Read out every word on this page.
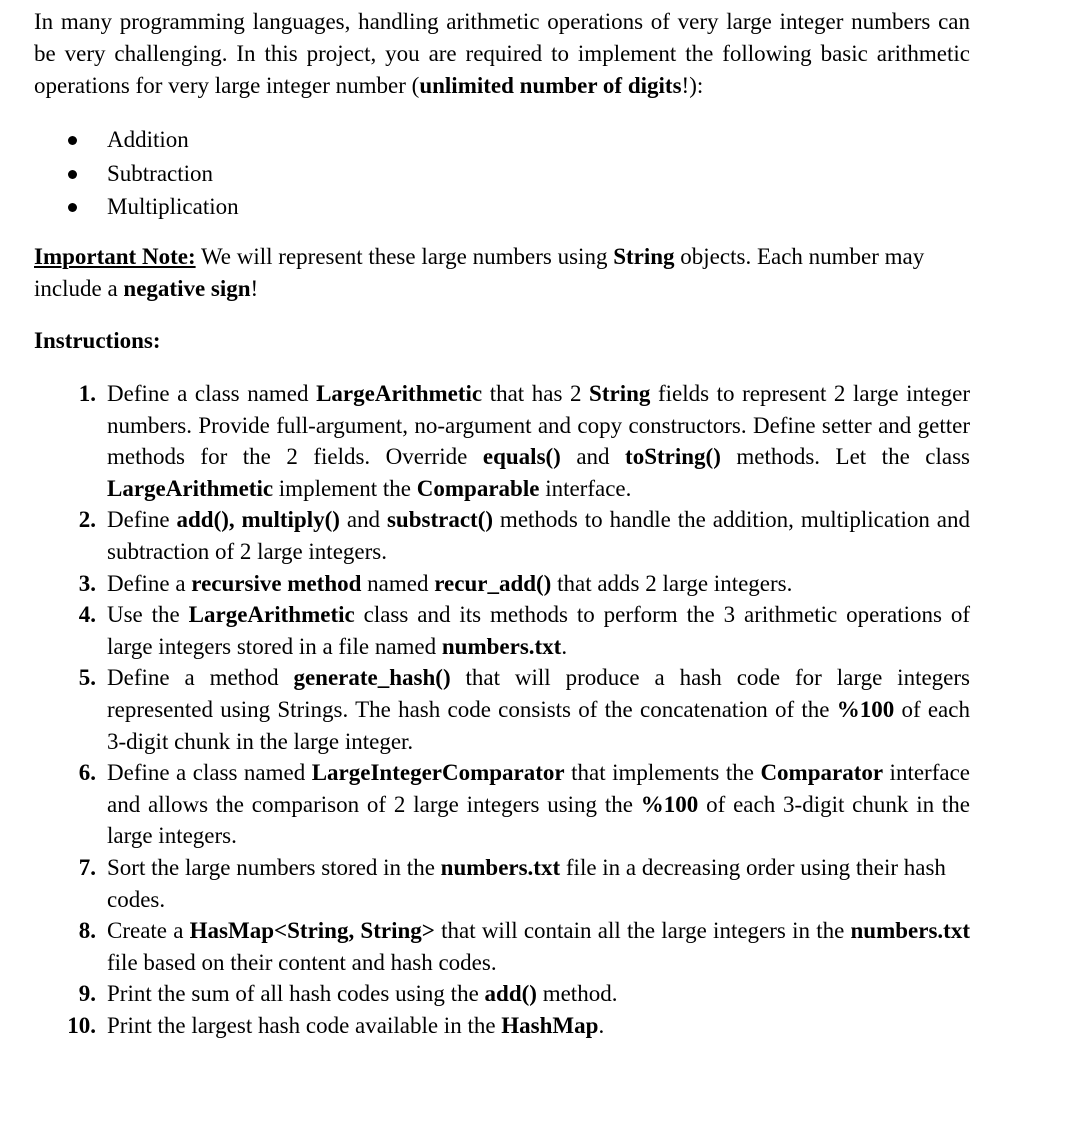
In many programming languages, handling arithmetic operations of very large integer numbers can be very challenging. In this project, you are required to implement the following basic arithmetic operations for very large integer number (unlimited number of digits!):

Addition
Subtraction
Multiplication

Important Note: We will represent these large numbers using String objects. Each number may include a negative sign!

Instructions:

1. Define a class named LargeArithmetic that has 2 String fields to represent 2 large integer numbers. Provide full-argument, no-argument and copy constructors. Define setter and getter methods for the 2 fields. Override equals() and toString() methods. Let the class LargeArithmetic implement the Comparable interface.
2. Define add(), multiply() and substract() methods to handle the addition, multiplication and subtraction of 2 large integers.
3. Define a recursive method named recur_add() that adds 2 large integers.
4. Use the LargeArithmetic class and its methods to perform the 3 arithmetic operations of large integers stored in a file named numbers.txt.
5. Define a method generate_hash() that will produce a hash code for large integers represented using Strings. The hash code consists of the concatenation of the %100 of each 3-digit chunk in the large integer.
6. Define a class named LargeIntegerComparator that implements the Comparator interface and allows the comparison of 2 large integers using the %100 of each 3-digit chunk in the large integers.
7. Sort the large numbers stored in the numbers.txt file in a decreasing order using their hash codes.
8. Create a HasMap<String, String> that will contain all the large integers in the numbers.txt file based on their content and hash codes.
9. Print the sum of all hash codes using the add() method.
10. Print the largest hash code available in the HashMap.
